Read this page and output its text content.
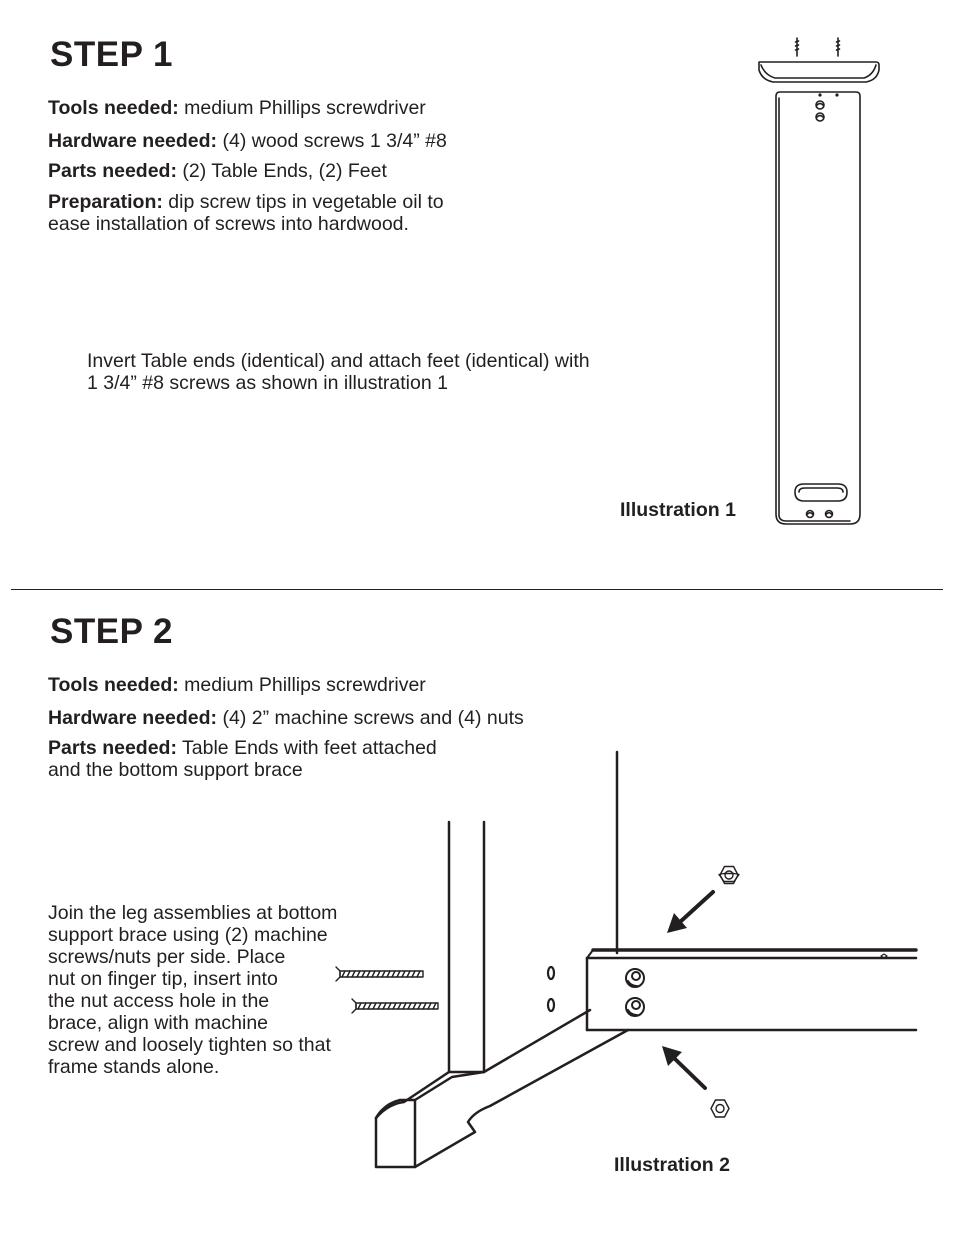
STEP 1
Tools needed: medium Phillips screwdriver
Hardware needed: (4) wood screws 1 3/4” #8
Parts needed: (2) Table Ends, (2) Feet
Preparation: dip screw tips in vegetable oil to
ease installation of screws into hardwood.
Invert Table ends (identical) and attach feet (identical) with
1 3/4” #8 screws as shown in illustration 1
Illustration 1
STEP 2
Tools needed: medium Phillips screwdriver
Hardware needed: (4) 2” machine screws and (4) nuts
Parts needed: Table Ends with feet attached
and the bottom support brace
Join the leg assemblies at bottom
support brace using (2) machine
screws/nuts per side. Place
nut on finger tip, insert into
the nut access hole in the
brace, align with machine
screw and loosely tighten so that
frame stands alone.
Illustration 2
